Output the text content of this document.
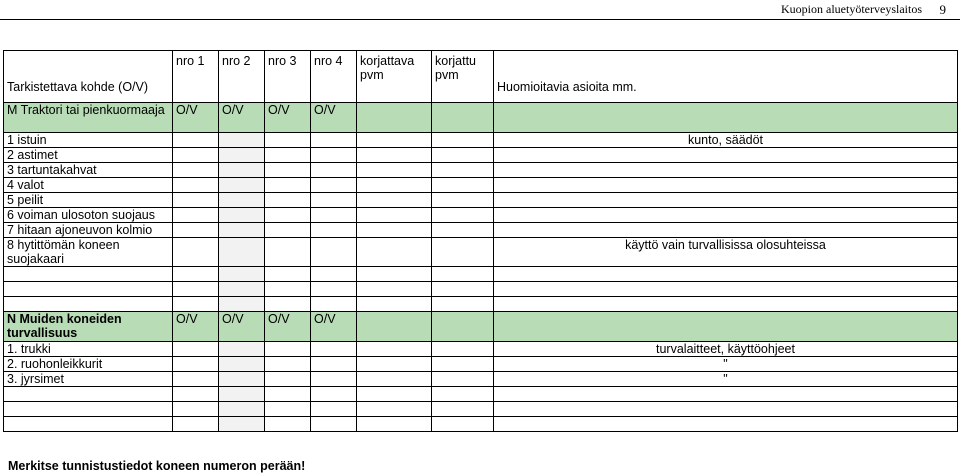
Kuopion aluetyöterveyslaitos 9
Tarkistettava kohde (O/V)	nro 1	nro 2	nro 3	nro 4	korjattava pvm	korjattu pvm	Huomioitavia asioita mm.
M Traktori tai pienkuormaaja	O/V	O/V	O/V	O/V			
1 istuin							kunto, säädöt
2 astimet							
3 tartuntakahvat							
4 valot							
5 peilit							
6 voiman ulosoton suojaus							
7 hitaan ajoneuvon kolmio							
8 hytittömän koneen suojakaari							käyttö vain turvallisissa olosuhteissa

N Muiden koneiden turvallisuus	O/V	O/V	O/V	O/V			
1. trukki							turvalaitteet, käyttöohjeet
2. ruohonleikkurit							"
3. jyrsimet							"

Merkitse tunnistustiedot koneen numeron perään!
